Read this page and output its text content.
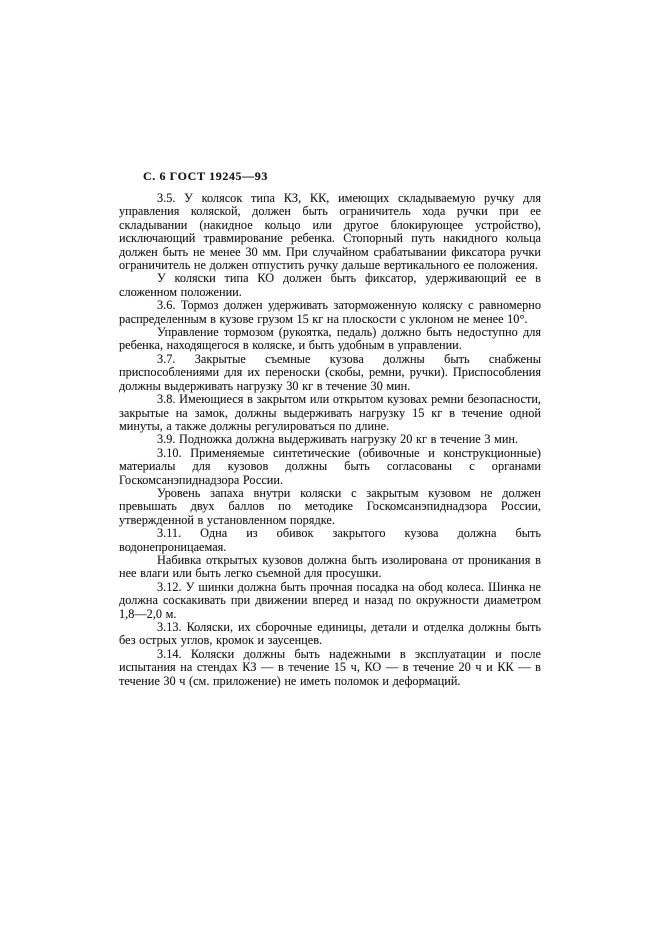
С. 6 ГОСТ 19245—93

3.5. У колясок типа КЗ, КК, имеющих складываемую ручку для управления коляской, должен быть ограничитель хода ручки при ее складывании (накидное кольцо или другое блокирующее устройство), исключающий травмирование ребенка. Стопорный путь накидного кольца должен быть не менее 30 мм. При случайном срабатывании фиксатора ручки ограничитель не должен отпустить ручку дальше вертикального ее положения.

У коляски типа КО должен быть фиксатор, удерживающий ее в сложенном положении.

3.6. Тормоз должен удерживать заторможенную коляску с равномерно распределенным в кузове грузом 15 кг на плоскости с уклоном не менее 10°.

Управление тормозом (рукоятка, педаль) должно быть недоступно для ребенка, находящегося в коляске, и быть удобным в управлении.

3.7. Закрытые съемные кузова должны быть снабжены приспособлениями для их переноски (скобы, ремни, ручки). Приспособления должны выдерживать нагрузку 30 кг в течение 30 мин.

3.8. Имеющиеся в закрытом или открытом кузовах ремни безопасности, закрытые на замок, должны выдерживать нагрузку 15 кг в течение одной минуты, а также должны регулироваться по длине.

3.9. Подножка должна выдерживать нагрузку 20 кг в течение 3 мин.

3.10. Применяемые синтетические (обивочные и конструкционные) материалы для кузовов должны быть согласованы с органами Госкомсанэпиднадзора России.

Уровень запаха внутри коляски с закрытым кузовом не должен превышать двух баллов по методике Госкомсанэпиднадзора России, утвержденной в установленном порядке.

3.11. Одна из обивок закрытого кузова должна быть водонепроницаемая.

Набивка открытых кузовов должна быть изолирована от проникания в нее влаги или быть легко съемной для просушки.

3.12. У шинки должна быть прочная посадка на обод колеса. Шинка не должна соскакивать при движении вперед и назад по окружности диаметром 1,8—2,0 м.

3.13. Коляски, их сборочные единицы, детали и отделка должны быть без острых углов, кромок и заусенцев.

3.14. Коляски должны быть надежными в эксплуатации и после испытания на стендах КЗ — в течение 15 ч, КО — в течение 20 ч и КК — в течение 30 ч (см. приложение) не иметь поломок и деформаций.
